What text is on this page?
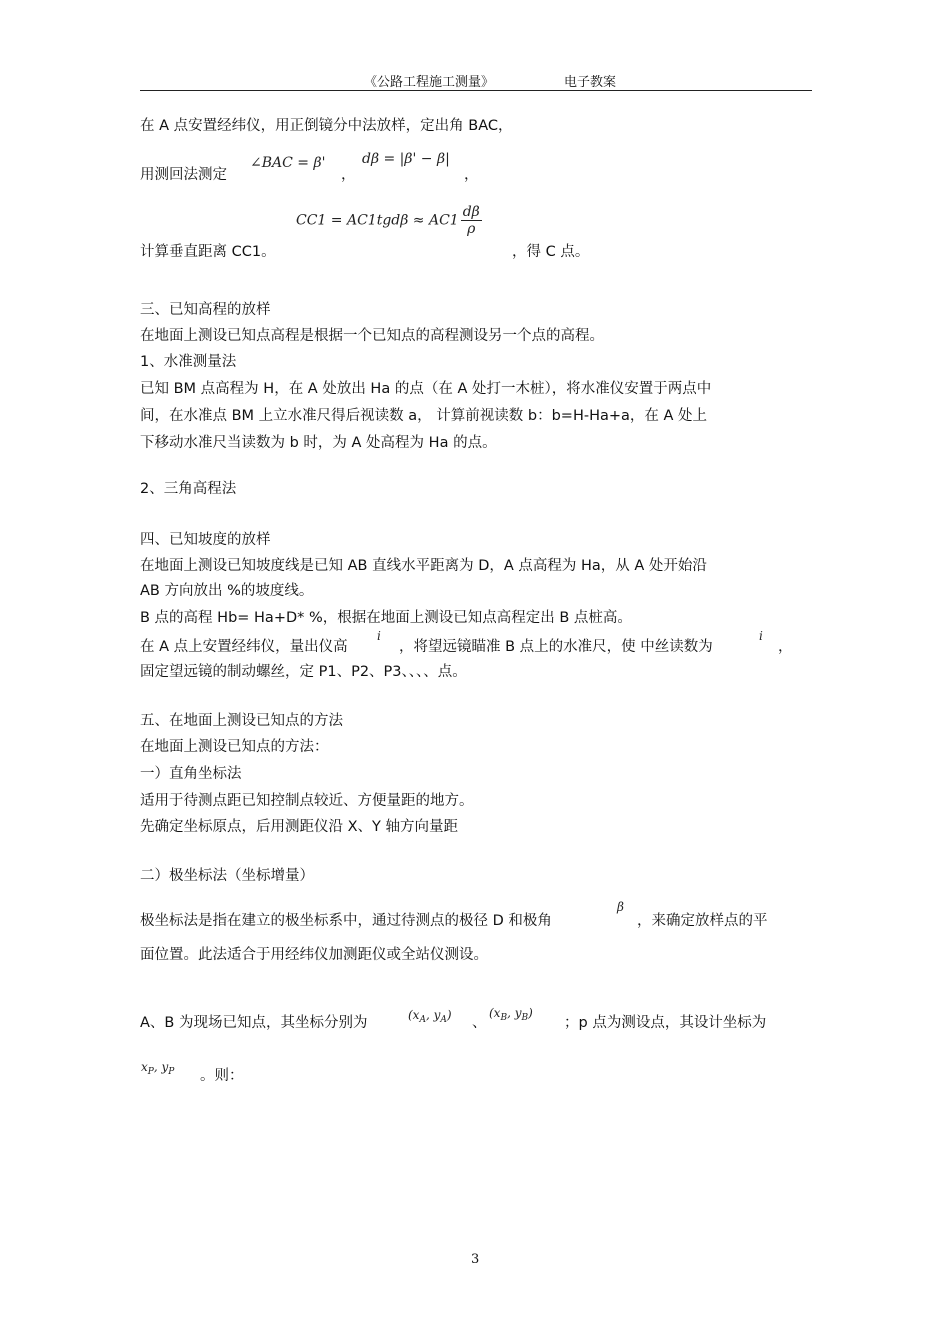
《公路工程施工测量》	电子教案
在 A 点安置经纬仪，用正倒镜分中法放样，定出角 BAC，
用测回法测定
∠BAC = β'
，
dβ = |β' − β|
，
$CC1 = AC1tgd\beta \approx AC1 \frac{d\beta}{\rho}$
计算垂直距离 CC1。	，得 C 点。
三、已知高程的放样
在地面上测设已知点高程是根据一个已知点的高程测设另一个点的高程。
1、水准测量法
已知 BM 点高程为 H，在 A 处放出 Ha 的点（在 A 处打一木桩），将水准仪安置于两点中
间，在水准点 BM 上立水准尺得后视读数 a， 计算前视读数 b：b=H-Ha+a，在 A 处上
下移动水准尺当读数为 b 时，为 A 处高程为 Ha 的点。
2、三角高程法
四、已知坡度的放样
在地面上测设已知坡度线是已知 AB 直线水平距离为 D，A 点高程为 Ha，从 A 处开始沿
AB 方向放出 %的坡度线。
B 点的高程 Hb= Ha+D* %，根据在地面上测设已知点高程定出 B 点桩高。
在 A 点上安置经纬仪，量出仪高
i
，将望远镜瞄准 B 点上的水准尺，使 中丝读数为
i
，
固定望远镜的制动螺丝，定 P1、P2、P3、、、、点。
五、在地面上测设已知点的方法
在地面上测设已知点的方法：
一）直角坐标法
适用于待测点距已知控制点较近、方便量距的地方。
先确定坐标原点，后用测距仪沿 X、Y 轴方向量距
二）极坐标法（坐标增量）
极坐标法是指在建立的极坐标系中，通过待测点的极径 D 和极角
β
，来确定放样点的平
面位置。此法适合于用经纬仪加测距仪或全站仪测设。
A、B 为现场已知点，其坐标分别为	($x_A$, $y_A$) 、
($x_B$, $y_B$)
；p 点为测设点，其设计坐标为
$x_P$, $y_P$ 。则：
3
